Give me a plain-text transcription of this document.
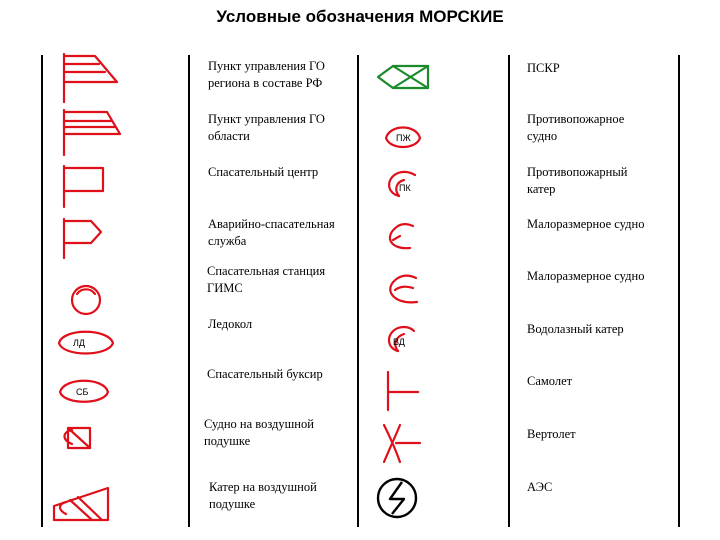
Условные обозначения МОРСКИЕ
Пункт управления ГО
региона в составе РФ
Пункт управления ГО
области
Спасательный центр
Аварийно-спасательная
служба
Спасательная станция
ГИМС
Ледокол
Спасательный буксир
Судно на воздушной
подушке
Катер на воздушной
подушке
ПСКР
Противопожарное
судно
Противопожарный
катер
Малоразмерное судно
Малоразмерное судно
Водолазный катер
Самолет
Вертолет
АЭС
ЛД
СБ
ПЖ
ПК
ВД
